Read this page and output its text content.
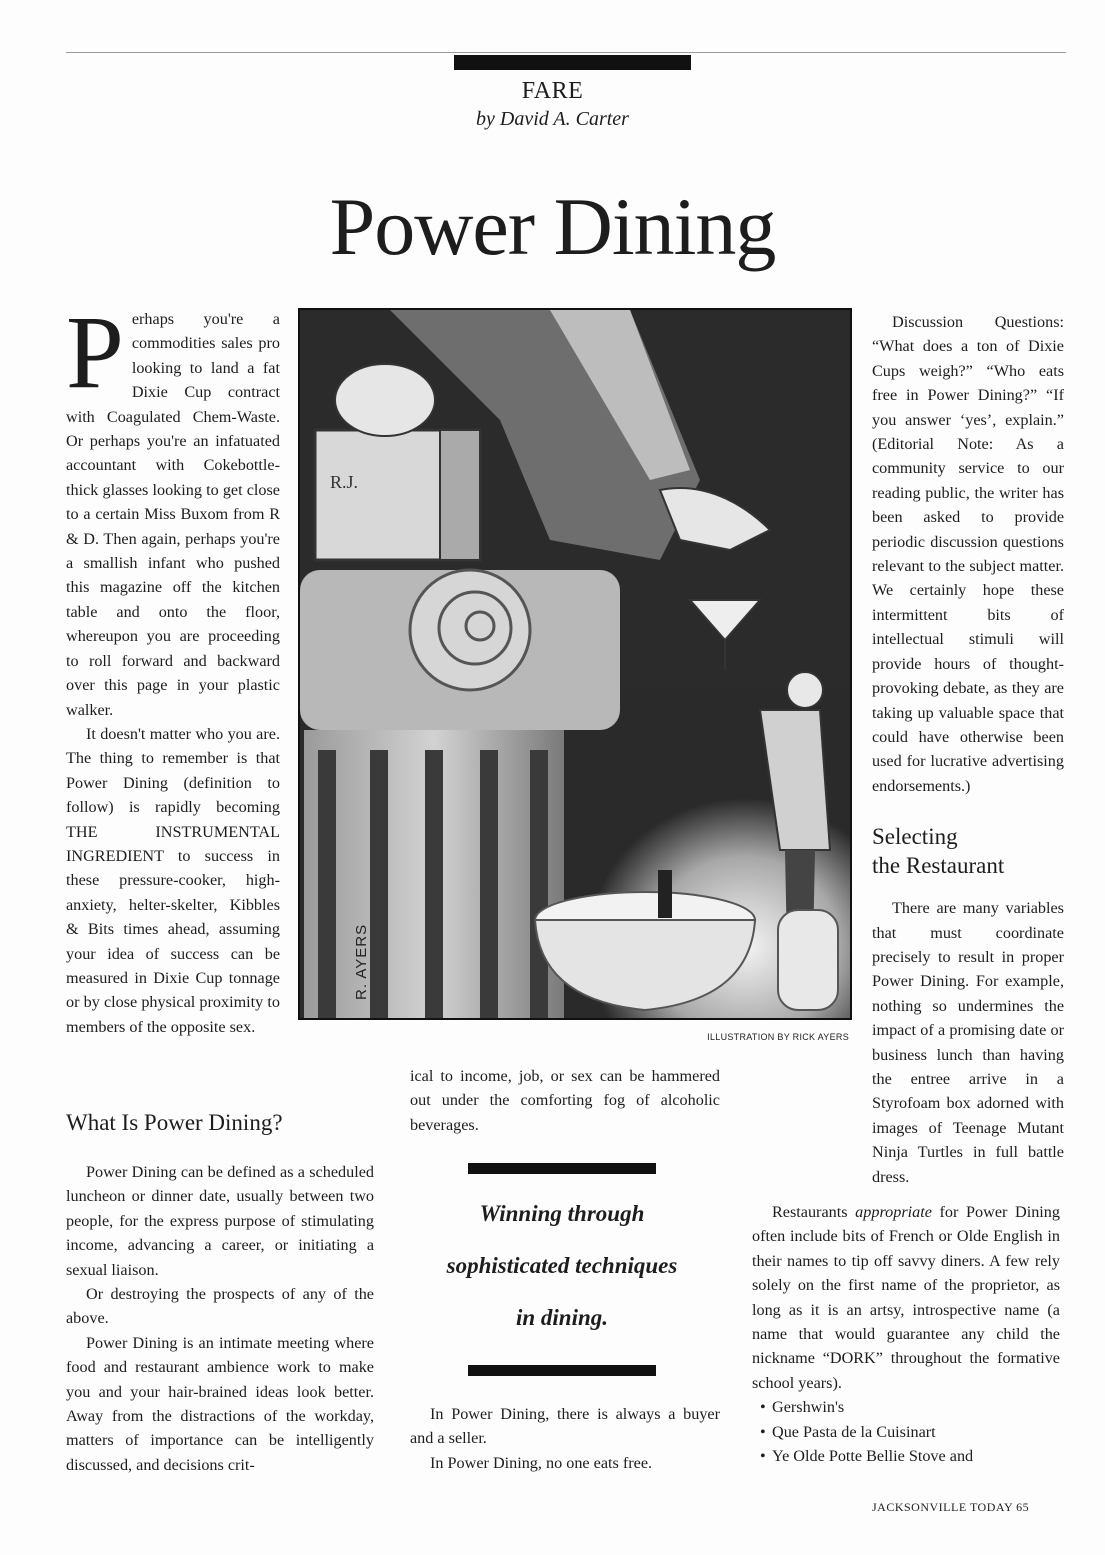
FARE
by David A. Carter
Power Dining

P erhaps you're a commodities sales pro looking to land a fat Dixie Cup contract with Coagulated Chem-Waste. Or perhaps you're an infatuated accountant with Cokebottle-thick glasses looking to get close to a certain Miss Buxom from R & D. Then again, perhaps you're a smallish infant who pushed this magazine off the kitchen table and onto the floor, whereupon you are proceeding to roll forward and backward over this page in your plastic walker.

It doesn't matter who you are. The thing to remember is that Power Dining (definition to follow) is rapidly becoming THE INSTRUMENTAL INGREDIENT to success in these pressure-cooker, high-anxiety, helter-skelter, Kibbles & Bits times ahead, assuming your idea of success can be measured in Dixie Cup tonnage or by close physical proximity to members of the opposite sex.

What Is Power Dining?

Power Dining can be defined as a scheduled luncheon or dinner date, usually between two people, for the express purpose of stimulating income, advancing a career, or initiating a sexual liaison.

Or destroying the prospects of any of the above.

Power Dining is an intimate meeting where food and restaurant ambience work to make you and your hair-brained ideas look better. Away from the distractions of the workday, matters of importance can be intelligently discussed, and decisions crit-

R.J.
R. AYERS
ILLUSTRATION BY RICK AYERS

ical to income, job, or sex can be hammered out under the comforting fog of alcoholic beverages.

Winning through
sophisticated techniques
in dining.

In Power Dining, there is always a buyer and a seller.

In Power Dining, no one eats free.

Discussion Questions: “What does a ton of Dixie Cups weigh?” “Who eats free in Power Dining?” “If you answer ‘yes’, explain.” (Editorial Note: As a community service to our reading public, the writer has been asked to provide periodic discussion questions relevant to the subject matter. We certainly hope these intermittent bits of intellectual stimuli will provide hours of thought-provoking debate, as they are taking up valuable space that could have otherwise been used for lucrative advertising endorsements.)

Selecting
the Restaurant

There are many variables that must coordinate precisely to result in proper Power Dining. For example, nothing so undermines the impact of a promising date or business lunch than having the entree arrive in a Styrofoam box adorned with images of Teenage Mutant Ninja Turtles in full battle dress.

Restaurants appropriate for Power Dining often include bits of French or Olde English in their names to tip off savvy diners. A few rely solely on the first name of the proprietor, as long as it is an artsy, introspective name (a name that would guarantee any child the nickname “DORK” throughout the formative school years).

• Gershwin's
• Que Pasta de la Cuisinart
• Ye Olde Potte Bellie Stove and
JACKSONVILLE TODAY 65
